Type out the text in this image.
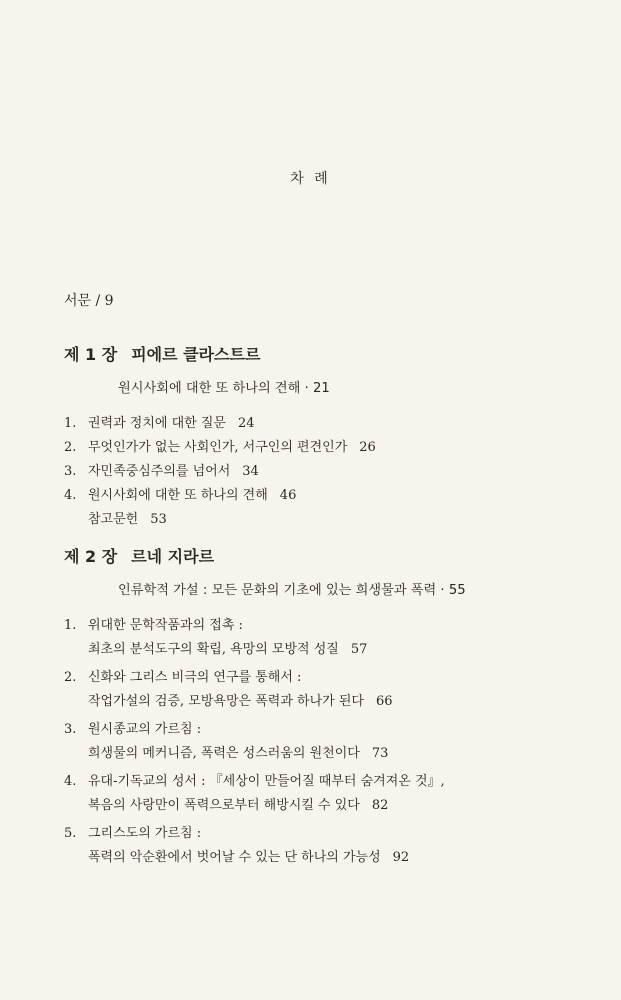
차 례
서문 / 9
제 1 장 피에르 클라스트르
원시사회에 대한 또 하나의 견해 · 21
1. 권력과 정치에 대한 질문 24
2. 무엇인가가 없는 사회인가, 서구인의 편견인가 26
3. 자민족중심주의를 넘어서 34
4. 원시사회에 대한 또 하나의 견해 46
참고문헌 53
제 2 장 르네 지라르
인류학적 가설 : 모든 문화의 기초에 있는 희생물과 폭력 · 55
1. 위대한 문학작품과의 접촉 :
최초의 분석도구의 확립, 욕망의 모방적 성질 57
2. 신화와 그리스 비극의 연구를 통해서 :
작업가설의 검증, 모방욕망은 폭력과 하나가 된다 66
3. 원시종교의 가르침 :
희생물의 메커니즘, 폭력은 성스러움의 원천이다 73
4. 유대-기독교의 성서 : 『세상이 만들어질 때부터 숨겨져온 것』,
복음의 사랑만이 폭력으로부터 해방시킬 수 있다 82
5. 그리스도의 가르침 :
폭력의 악순환에서 벗어날 수 있는 단 하나의 가능성 92
